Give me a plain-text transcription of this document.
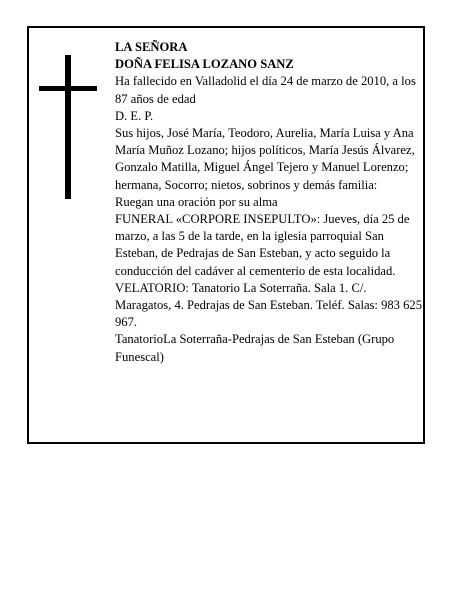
LA SEÑORA

DOÑA FELISA LOZANO SANZ

Ha fallecido en Valladolid el día 24 de marzo de 2010, a los 87 años de edad

D. E. P.

Sus hijos, José María, Teodoro, Aurelia, María Luisa y Ana María Muñoz Lozano; hijos políticos, María Jesús Álvarez, Gonzalo Matilla, Miguel Ángel Tejero y Manuel Lorenzo; hermana, Socorro; nietos, sobrinos y demás familia:

Ruegan una oración por su alma

FUNERAL «CORPORE INSEPULTO»: Jueves, día 25 de marzo, a las 5 de la tarde, en la iglesia parroquial San Esteban, de Pedrajas de San Esteban, y acto seguido la conducción del cadáver al cementerio de esta localidad.

VELATORIO: Tanatorio La Soterraña. Sala 1. C/. Maragatos, 4. Pedrajas de San Esteban. Teléf. Salas: 983 625 967.

TanatorioLa Soterraña-Pedrajas de San Esteban (Grupo Funescal)
